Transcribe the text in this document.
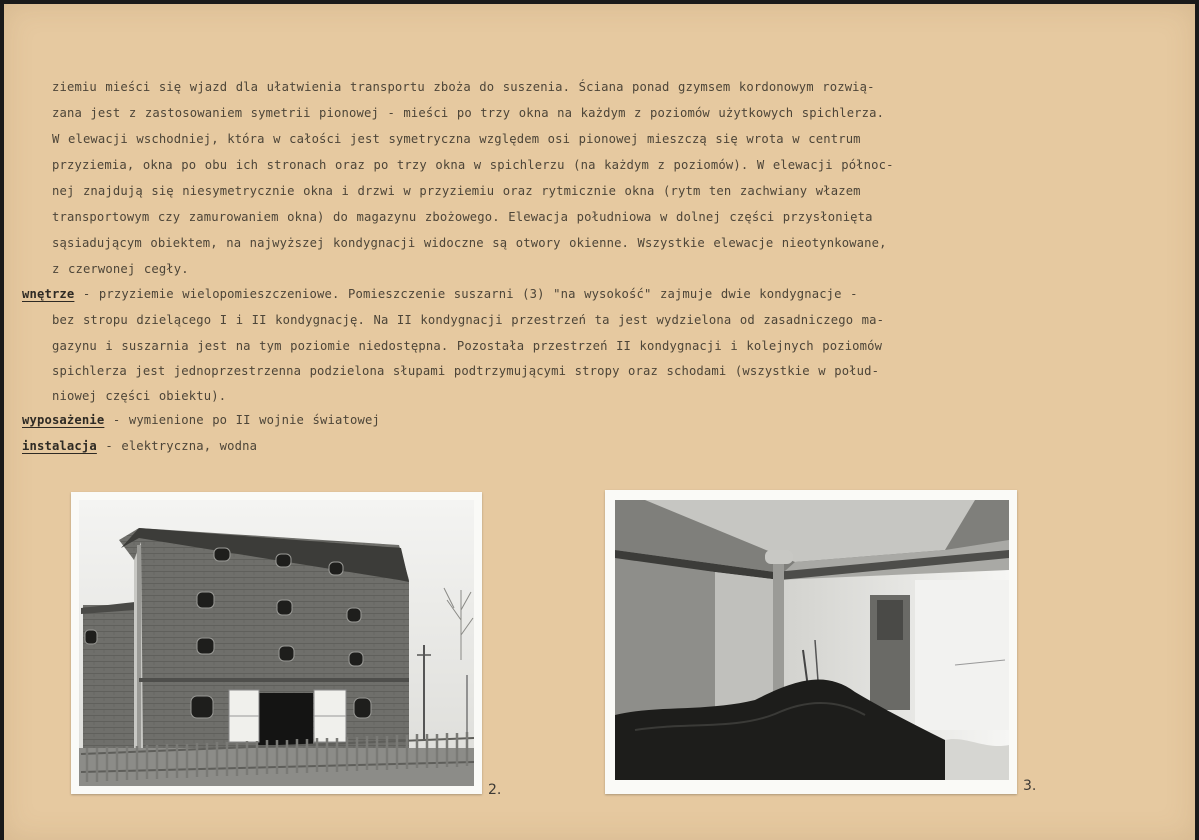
ziemiu mieści się wjazd dla ułatwienia transportu zboża do suszenia. Ściana ponad gzymsem kordonowym rozwią-
zana jest z zastosowaniem symetrii pionowej - mieści po trzy okna na każdym z poziomów użytkowych spichlerza.
W elewacji wschodniej, która w całości jest symetryczna względem osi pionowej mieszczą się wrota w centrum
przyziemia, okna po obu ich stronach oraz po trzy okna w spichlerzu (na każdym z poziomów). W elewacji północ-
nej znajdują się niesymetrycznie okna i drzwi w przyziemiu oraz rytmicznie okna (rytm ten zachwiany włazem
transportowym czy zamurowaniem okna) do magazynu zbożowego. Elewacja południowa w dolnej części przysłonięta
sąsiadującym obiektem, na najwyższej kondygnacji widoczne są otwory okienne. Wszystkie elewacje nieotynkowane,
z czerwonej cegły.
wnętrze - przyziemie wielopomieszczeniowe. Pomieszczenie suszarni (3) "na wysokość" zajmuje dwie kondygnacje -
bez stropu dzielącego I i II kondygnację. Na II kondygnacji przestrzeń ta jest wydzielona od zasadniczego ma-
gazynu i suszarnia jest na tym poziomie niedostępna. Pozostała przestrzeń II kondygnacji i kolejnych poziomów
spichlerza jest jednoprzestrzenna podzielona słupami podtrzymującymi stropy oraz schodami (wszystkie w połud-
niowej części obiektu).
wyposażenie - wymienione po II wojnie światowej
instalacja - elektryczna, wodna
2.	3.
